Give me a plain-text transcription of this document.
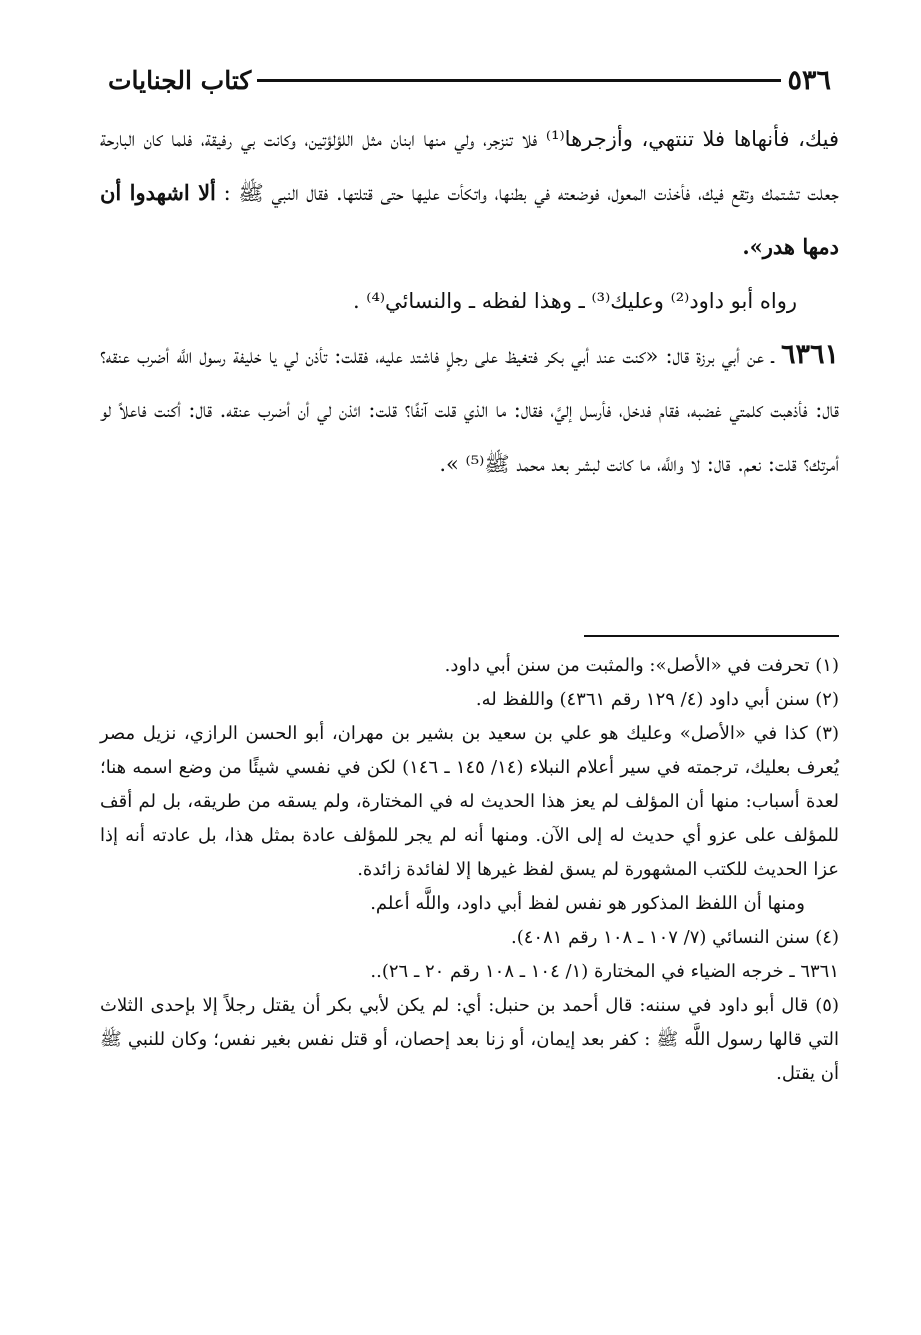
٥٣٦
كتاب الجنايات

فيك، فأنهاها فلا تنتهي، وأزجرها⁽¹⁾ فلا تنزجر، ولي منها ابنان مثل اللؤلؤتين، وكانت بي رفيقة، فلما كان البارحة جعلت تشتمك وتقع فيك، فأخذت المعول، فوضعته في بطنها، واتكأت عليها حتى قتلتها. فقال النبي ﷺ : ألا اشهدوا أن دمها هدر».

رواه أبو داود⁽²⁾ وعليك⁽³⁾ ـ وهذا لفظه ـ والنسائي⁽⁴⁾ .

٦٣٦١ ـ عن أبي برزة قال: «كنت عند أبي بكر فتغيظ على رجلٍ فاشتد عليه، فقلت: تأذن لي يا خليفة رسول اللَّه أضرب عنقه؟ قال: فأذهبت كلمتي غضبه، فقام فدخل، فأرسل إليَّ، فقال: ما الذي قلت آنفًا؟ قلت: ائذن لي أن أضرب عنقه. قال: أكنت فاعلاً لو أمرتك؟ قلت: نعم. قال: لا واللَّه، ما كانت لبشر بعد محمد ﷺ⁽⁵⁾ ».

(١) تحرفت في «الأصل»: والمثبت من سنن أبي داود.

(٢) سنن أبي داود (٤/ ١٢٩ رقم ٤٣٦١) واللفظ له.

(٣) كذا في «الأصل» وعليك هو علي بن سعيد بن بشير بن مهران، أبو الحسن الرازي، نزيل مصر يُعرف بعليك، ترجمته في سير أعلام النبلاء (١٤/ ١٤٥ ـ ١٤٦) لكن في نفسي شيئًا من وضع اسمه هنا؛ لعدة أسباب: منها أن المؤلف لم يعز هذا الحديث له في المختارة، ولم يسقه من طريقه، بل لم أقف للمؤلف على عزو أي حديث له إلى الآن. ومنها أنه لم يجر للمؤلف عادة بمثل هذا، بل عادته أنه إذا عزا الحديث للكتب المشهورة لم يسق لفظ غيرها إلا لفائدة زائدة.

ومنها أن اللفظ المذكور هو نفس لفظ أبي داود، واللَّه أعلم.

(٤) سنن النسائي (٧/ ١٠٧ ـ ١٠٨ رقم ٤٠٨١).

٦٣٦١ ـ خرجه الضياء في المختارة (١/ ١٠٤ ـ ١٠٨ رقم ٢٠ ـ ٢٦)..

(٥) قال أبو داود في سننه: قال أحمد بن حنبل: أي: لم يكن لأبي بكر أن يقتل رجلاً إلا بإحدى الثلاث التي قالها رسول اللَّه ﷺ : كفر بعد إيمان، أو زنا بعد إحصان، أو قتل نفس بغير نفس؛ وكان للنبي ﷺ أن يقتل.
